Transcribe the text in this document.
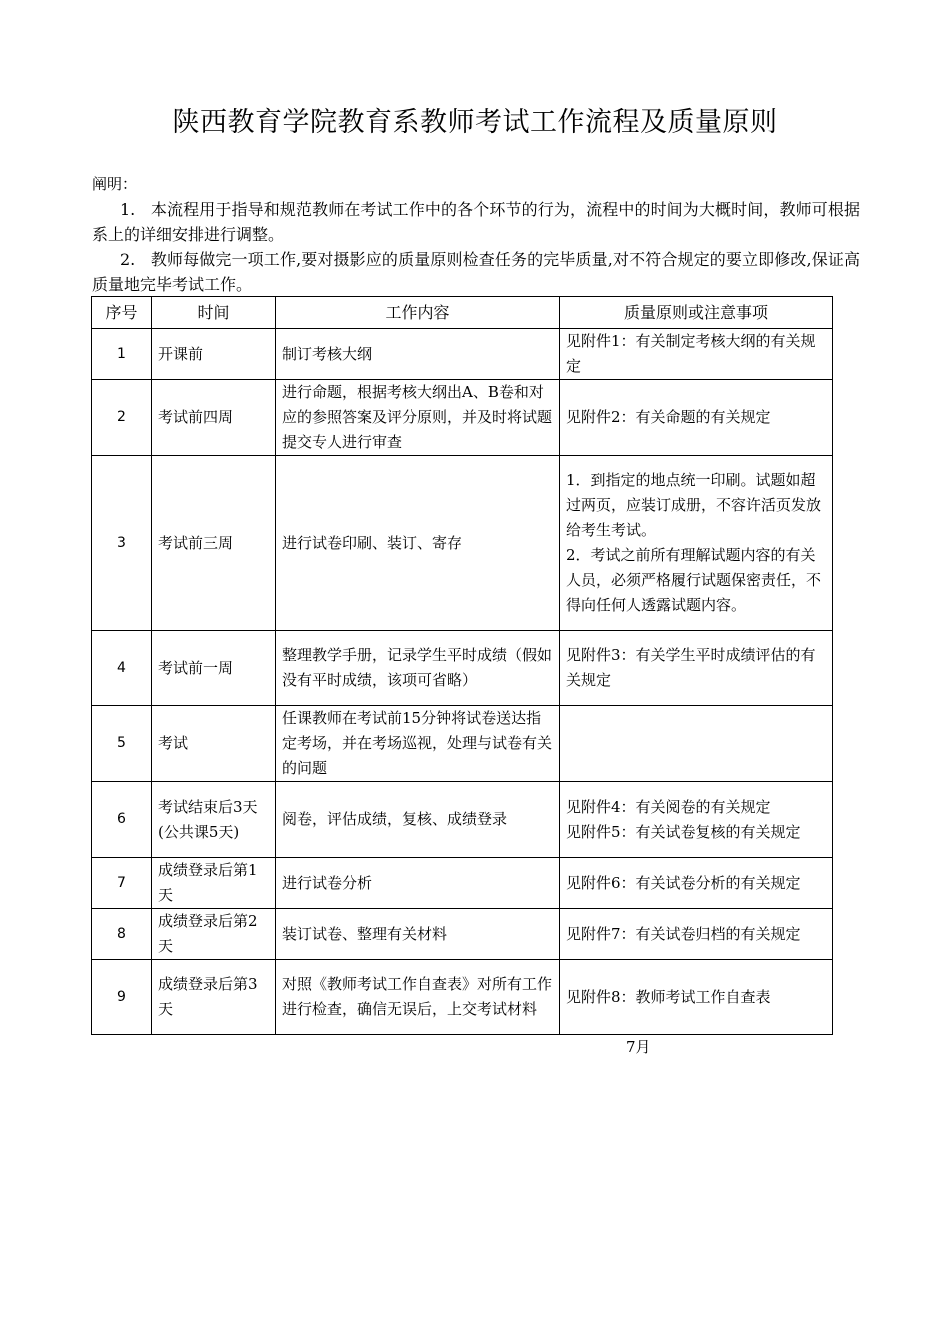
陕西教育学院教育系教师考试工作流程及质量原则
阐明：

1.   本流程用于指导和规范教师在考试工作中的各个环节的行为，流程中的时间为大概时间，教师可根据系上的详细安排进行调整。

2.   教师每做完一项工作,要对摄影应的质量原则检查任务的完毕质量,对不符合规定的要立即修改,保证高质量地完毕考试工作。

序号	时间	工作内容	质量原则或注意事项
1	开课前	制订考核大纲	见附件1：有关制定考核大纲的有关规定
2	考试前四周	进行命题，根据考核大纲出A、B卷和对应的参照答案及评分原则，并及时将试题提交专人进行审查	见附件2：有关命题的有关规定
3	考试前三周	进行试卷印刷、装订、寄存	1．到指定的地点统一印刷。试题如超过两页，应装订成册，不容许活页发放给考生考试。
2．考试之前所有理解试题内容的有关人员，必须严格履行试题保密责任，不得向任何人透露试题内容。
4	考试前一周	整理教学手册，记录学生平时成绩（假如没有平时成绩，该项可省略）	见附件3：有关学生平时成绩评估的有关规定
5	考试	任课教师在考试前15分钟将试卷送达指定考场，并在考场巡视，处理与试卷有关的问题	
6	考试结束后3天(公共课5天)	阅卷，评估成绩，复核、成绩登录	见附件4：有关阅卷的有关规定
见附件5：有关试卷复核的有关规定
7	成绩登录后第1天	进行试卷分析	见附件6：有关试卷分析的有关规定
8	成绩登录后第2天	装订试卷、整理有关材料	见附件7：有关试卷归档的有关规定
9	成绩登录后第3天	对照《教师考试工作自查表》对所有工作进行检查，确信无误后，上交考试材料	见附件8：教师考试工作自查表
7月
